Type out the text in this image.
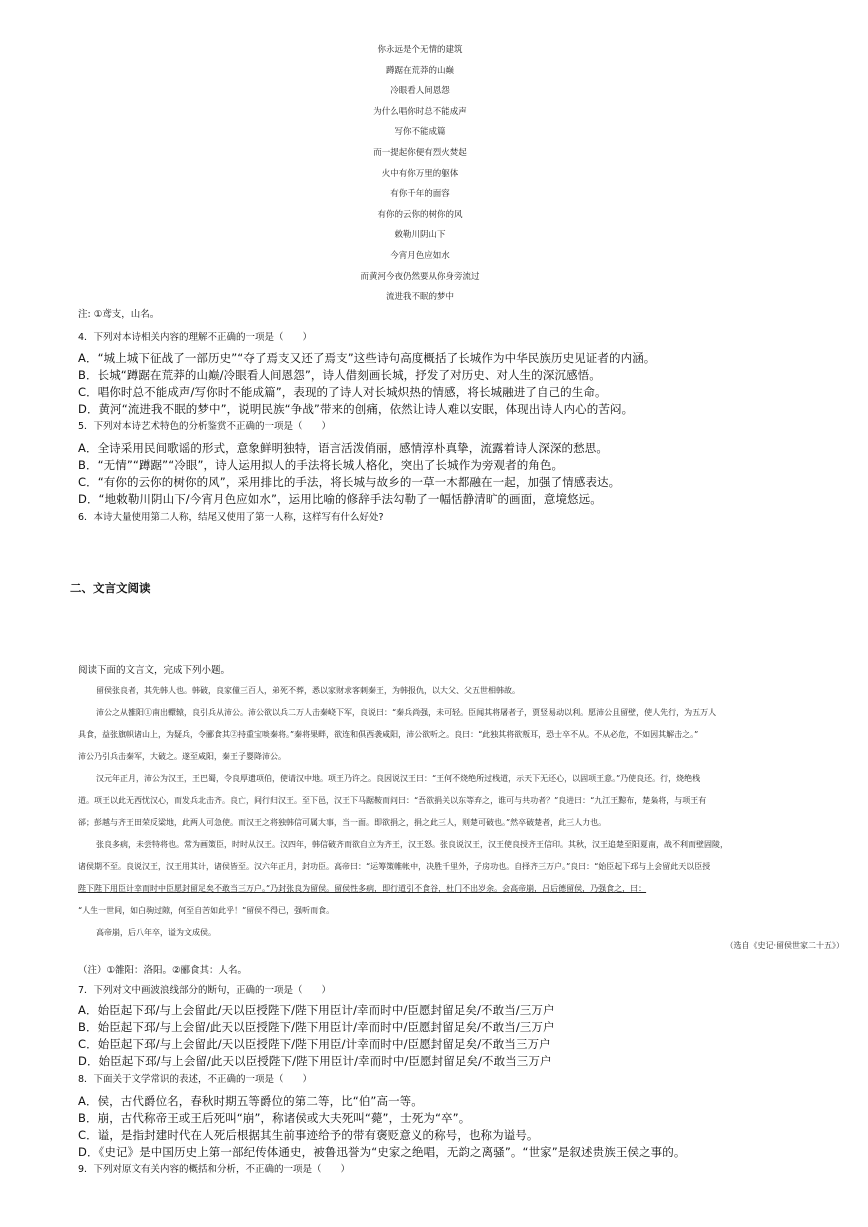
你永远是个无情的建筑
蹲踞在荒莽的山巅
冷眼看人间恩怨
为什么唱你时总不能成声
写你不能成篇
而一提起你便有烈火焚起
火中有你万里的躯体
有你千年的面容
有你的云你的树你的风
敕勒川阴山下
今宵月色应如水
而黄河今夜仍然要从你身旁流过
流进我不眠的梦中
注: ①鸢支，山名。
4．下列对本诗相关内容的理解不正确的一项是（　　）
A．“城上城下征战了一部历史”“夺了焉支又还了焉支”这些诗句高度概括了长城作为中华民族历史见证者的内涵。
B．长城“蹲踞在荒莽的山巅/冷眼看人间恩怨”，诗人借刻画长城，抒发了对历史、对人生的深沉感悟。
C．唱你时总不能成声/写你时不能成篇”，表现的了诗人对长城炽热的情感，将长城融进了自己的生命。
D．黄河“流进我不眠的梦中”，说明民族“争战”带来的创痛，依然让诗人难以安眠，体现出诗人内心的苦闷。
5．下列对本诗艺术特色的分析鉴赏不正确的一项是（　　）
A．全诗采用民间歌谣的形式，意象鲜明独特，语言活泼俏丽，感情淳朴真挚，流露着诗人深深的愁思。
B．“无情”“蹲踞”“冷眼”，诗人运用拟人的手法将长城人格化，突出了长城作为旁观者的角色。
C．“有你的云你的树你的风”，采用排比的手法，将长城与故乡的一草一木都融在一起，加强了情感表达。
D．“地敕勒川阴山下/今宵月色应如水”，运用比喻的修辞手法勾勒了一幅恬静清旷的画面，意境悠远。
6．本诗大量使用第二人称，结尾又使用了第一人称，这样写有什么好处?
二、文言文阅读
阅读下面的文言文，完成下列小题。

留侯张良者，其先韩人也。韩破，良家僮三百人，弟死不葬，悉以家财求客刺秦王，为韩报仇，以大父、父五世相韩故。

沛公之从雒阳①南出轘辕，良引兵从沛公。沛公欲以兵二万人击秦峣下军，良说曰：“秦兵尚强，未可轻。臣闻其将屠者子，贾竖易动以利。愿沛公且留壁，使人先行，为五万人

具食，益张旗帜诸山上，为疑兵，令郦食其②持重宝啖秦将。”秦将果畔，欲连和俱西袭咸阳，沛公欲听之。良曰：“此独其将欲叛耳，恐士卒不从。不从必危，不如因其解击之。”

沛公乃引兵击秦军，大破之。遂至咸阳，秦王子婴降沛公。

汉元年正月，沛公为汉王，王巴蜀，令良厚遗项伯，使请汉中地。项王乃许之。良因说汉王曰：“王何不烧绝所过栈道，示天下无还心，以固项王意。”乃使良还。行，烧绝栈

道。项王以此无西忧汉心，而发兵北击齐。良亡，间行归汉王。至下邑，汉王下马踞鞍而问曰：“吾欲捐关以东等弃之，谁可与共功者？”良进曰：“九江王黥布，楚枭将，与项王有

郤；彭越与齐王田荣反梁地，此两人可急使。而汉王之将独韩信可属大事，当一面。即欲捐之，捐之此三人，则楚可破也。”然卒破楚者，此三人力也。

张良多病，未尝特将也。常为画策臣，时时从汉王。汉四年，韩信破齐而欲自立为齐王，汉王怒。张良说汉王，汉王使良授齐王信印。其秋，汉王追楚至阳夏南，战不利而壁固陵，

诸侯期不至。良说汉王，汉王用其计，诸侯皆至。汉六年正月，封功臣。高帝曰：“运筹策帷帐中，决胜千里外，子房功也。自择齐三万户。”良曰：“始臣起下邳与上会留此天以臣授

陛下陛下用臣计幸而时中臣愿封留足矣不敢当三万户。”乃封张良为留侯。留侯性多病，即行道引不食谷，杜门不出岁余。会高帝崩，吕后德留侯，乃强食之，曰：

“人生一世间，如白驹过隙，何至自苦如此乎！”留侯不得已，强听而食。

高帝崩，后八年卒，谥为文成侯。

（选自《史记·留侯世家二十五》）
（注）①雒阳：洛阳。②郦食其：人名。
7．下列对文中画波浪线部分的断句，正确的一项是（　　）
A．始臣起下邳/与上会留此/天以臣授陛下/陛下用臣计/幸而时中/臣愿封留足矣/不敢当/三万户
B．始臣起下邳/与上会留/此天以臣授陛下/陛下用臣计/幸而时中/臣愿封留足矣/不敢当/三万户
C．始臣起下邳/与上会留此/天以臣授陛下/陛下用臣/计幸而时中/臣愿封留足矣/不敢当三万户
D．始臣起下邳/与上会留/此天以臣授陛下/陛下用臣计/幸而时中/臣愿封留足矣/不敢当三万户
8．下面关于文学常识的表述，不正确的一项是（　　）
A．侯，古代爵位名，春秋时期五等爵位的第二等，比“伯”高一等。
B．崩，古代称帝王或王后死叫“崩”，称诸侯或大夫死叫“薨”，士死为“卒”。
C．谥，是指封建时代在人死后根据其生前事迹给予的带有褒贬意义的称号，也称为谥号。
D．《史记》是中国历史上第一部纪传体通史，被鲁迅誉为“史家之绝唱，无韵之离骚”。“世家”是叙述贵族王侯之事的。
9．下列对原文有关内容的概括和分析，不正确的一项是（　　）
